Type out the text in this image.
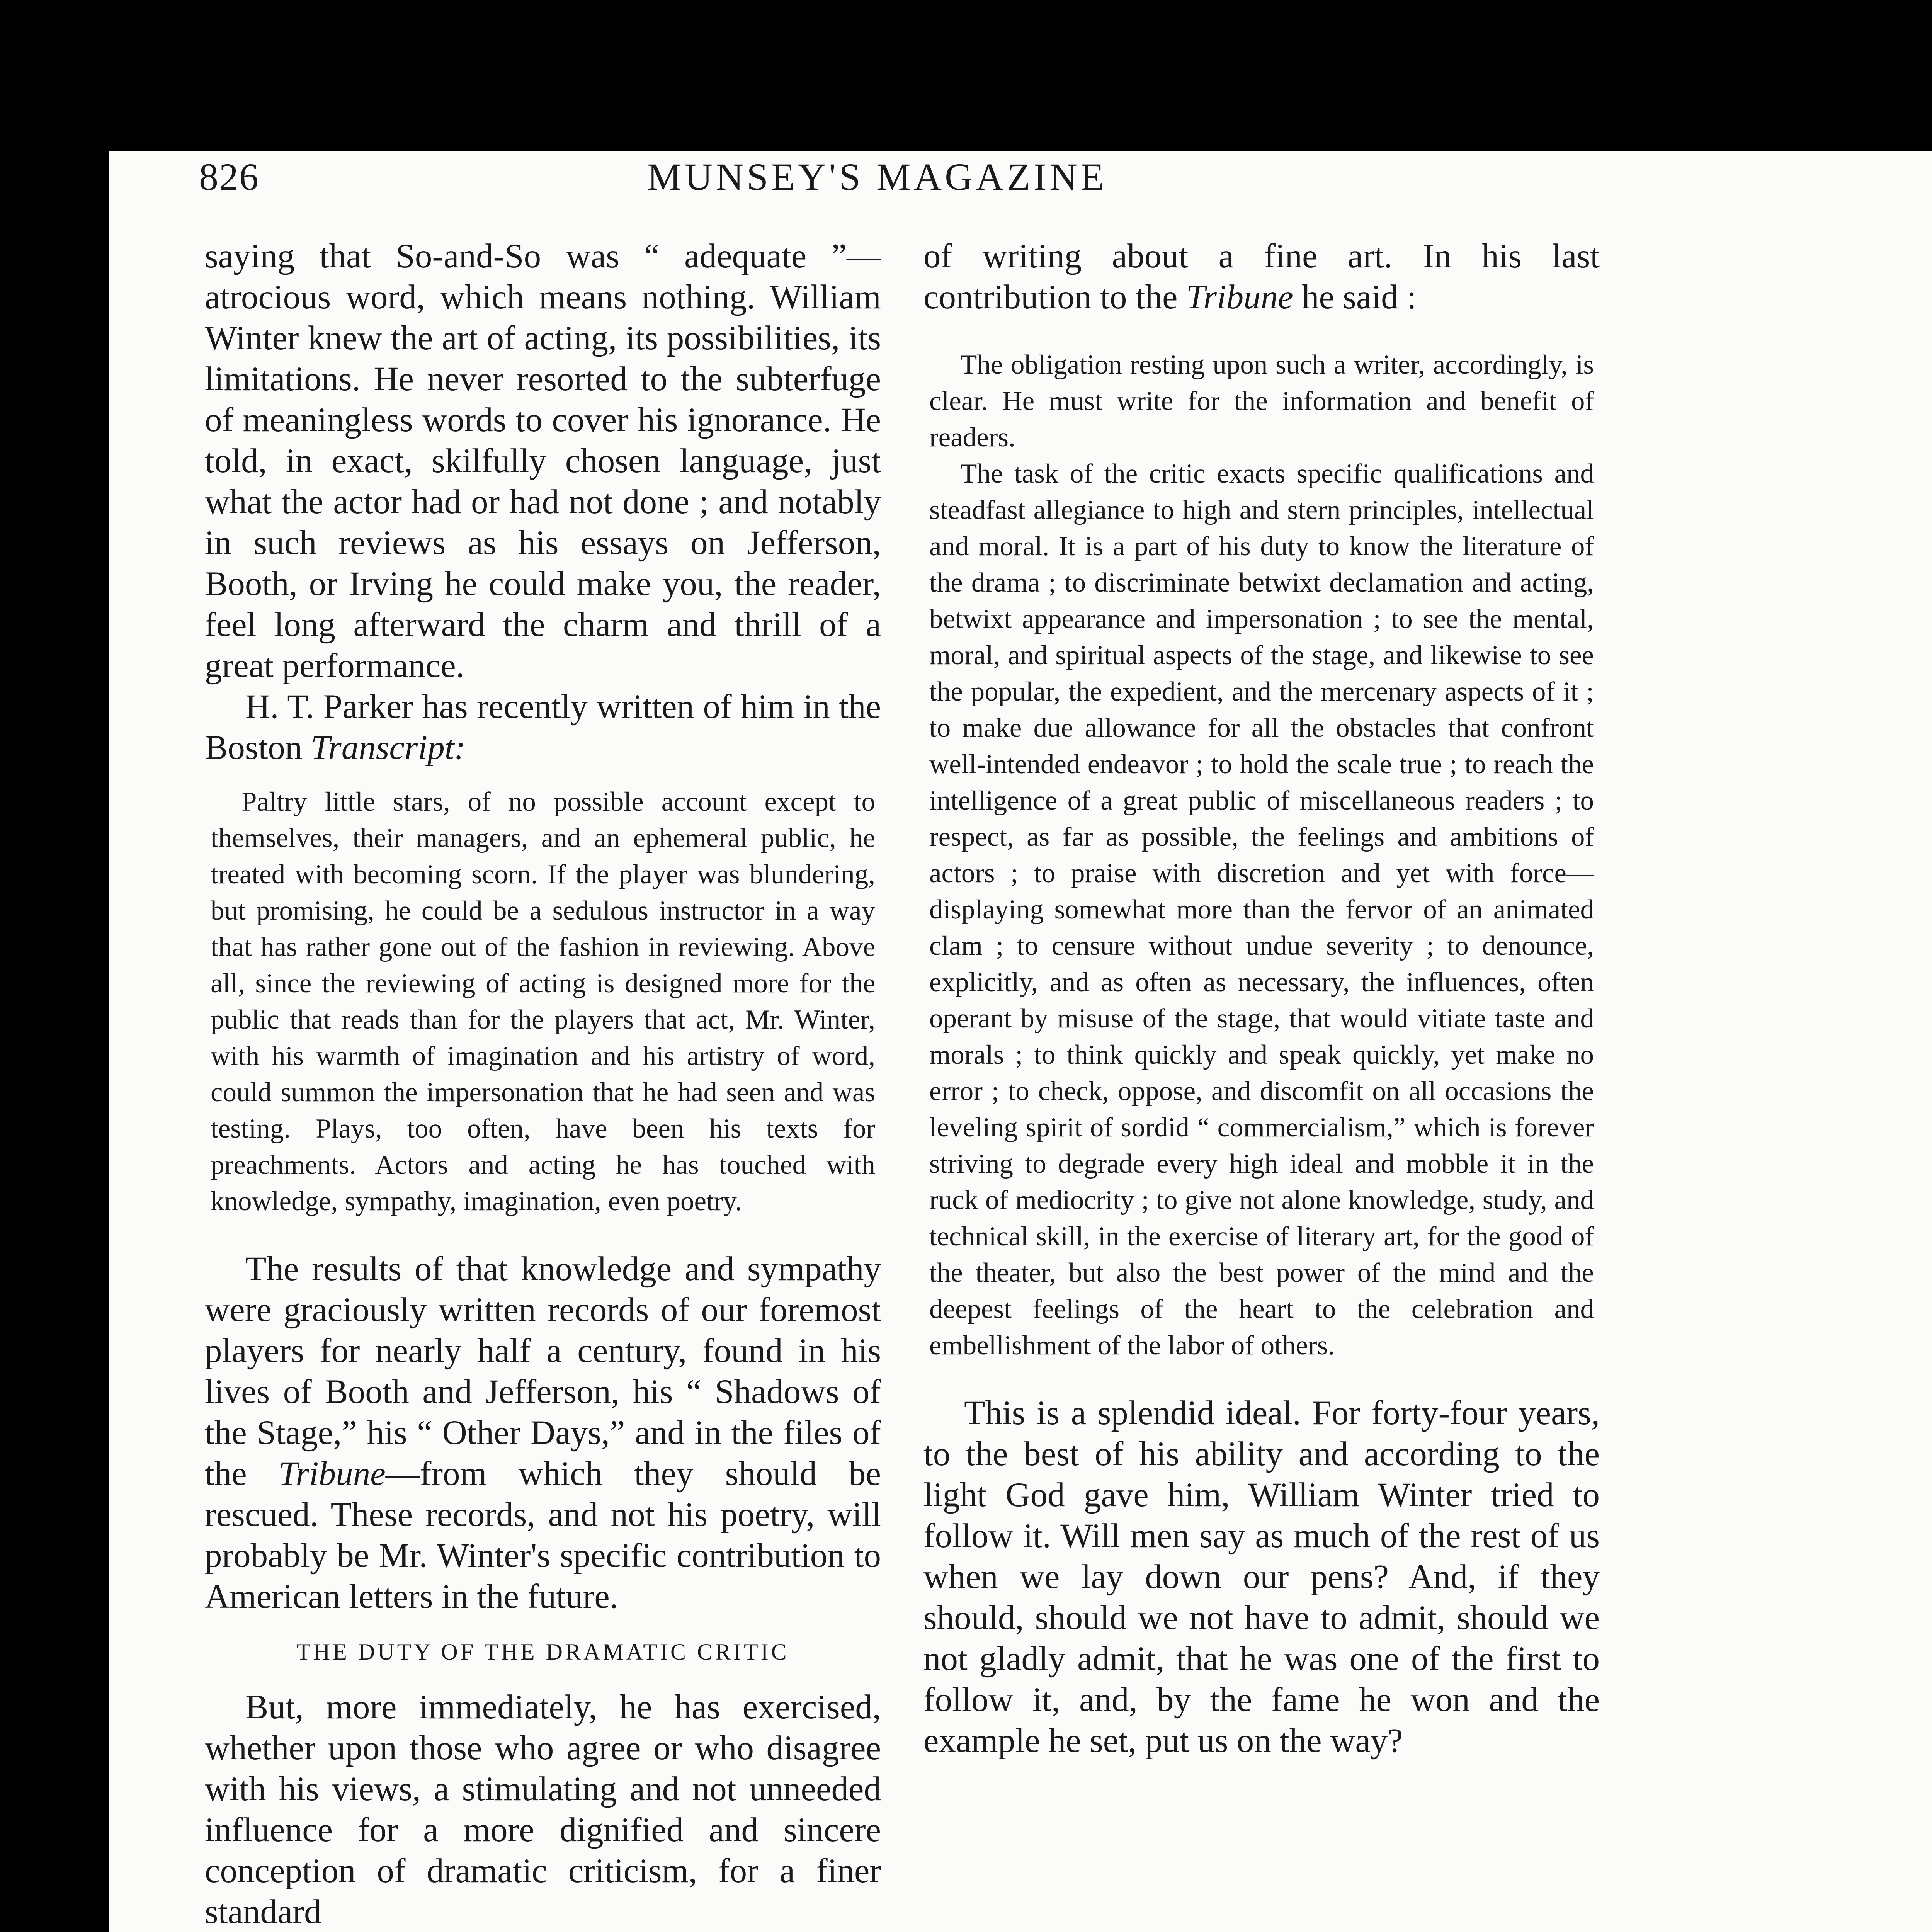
826	MUNSEY'S MAGAZINE

saying that So-and-So was “ adequate ”— atrocious word, which means nothing. William Winter knew the art of acting, its possibilities, its limitations. He never resorted to the subterfuge of meaningless words to cover his ignorance. He told, in exact, skilfully chosen language, just what the actor had or had not done ; and notably in such reviews as his essays on Jefferson, Booth, or Irving he could make you, the reader, feel long afterward the charm and thrill of a great performance.

H. T. Parker has recently written of him in the Boston Transcript:

Paltry little stars, of no possible account except to themselves, their managers, and an ephemeral public, he treated with becoming scorn. If the player was blundering, but promising, he could be a sedulous instructor in a way that has rather gone out of the fashion in reviewing. Above all, since the reviewing of acting is designed more for the public that reads than for the players that act, Mr. Winter, with his warmth of imagination and his artistry of word, could summon the impersonation that he had seen and was testing. Plays, too often, have been his texts for preachments. Actors and acting he has touched with knowledge, sympathy, imagination, even poetry.

The results of that knowledge and sympathy were graciously written records of our foremost players for nearly half a century, found in his lives of Booth and Jefferson, his “ Shadows of the Stage,” his “ Other Days,” and in the files of the Tribune—from which they should be rescued. These records, and not his poetry, will probably be Mr. Winter's specific contribution to American letters in the future.

THE DUTY OF THE DRAMATIC CRITIC

But, more immediately, he has exercised, whether upon those who agree or who disagree with his views, a stimulating and not unneeded influence for a more dignified and sincere conception of dramatic criticism, for a finer standard

of writing about a fine art. In his last contribution to the Tribune he said :

The obligation resting upon such a writer, accordingly, is clear. He must write for the information and benefit of readers.

The task of the critic exacts specific qualifications and steadfast allegiance to high and stern principles, intellectual and moral. It is a part of his duty to know the literature of the drama ; to discriminate betwixt declamation and acting, betwixt appearance and impersonation ; to see the mental, moral, and spiritual aspects of the stage, and likewise to see the popular, the expedient, and the mercenary aspects of it ; to make due allowance for all the obstacles that confront well-intended endeavor ; to hold the scale true ; to reach the intelligence of a great public of miscellaneous readers ; to respect, as far as possible, the feelings and ambitions of actors ; to praise with discretion and yet with force—displaying somewhat more than the fervor of an animated clam ; to censure without undue severity ; to denounce, explicitly, and as often as necessary, the influences, often operant by misuse of the stage, that would vitiate taste and morals ; to think quickly and speak quickly, yet make no error ; to check, oppose, and discomfit on all occasions the leveling spirit of sordid “ commercialism,” which is forever striving to degrade every high ideal and mobble it in the ruck of mediocrity ; to give not alone knowledge, study, and technical skill, in the exercise of literary art, for the good of the theater, but also the best power of the mind and the deepest feelings of the heart to the celebration and embellishment of the labor of others.

This is a splendid ideal. For forty-four years, to the best of his ability and according to the light God gave him, William Winter tried to follow it. Will men say as much of the rest of us when we lay down our pens? And, if they should, should we not have to admit, should we not gladly admit, that he was one of the first to follow it, and, by the fame he won and the example he set, put us on the way?
